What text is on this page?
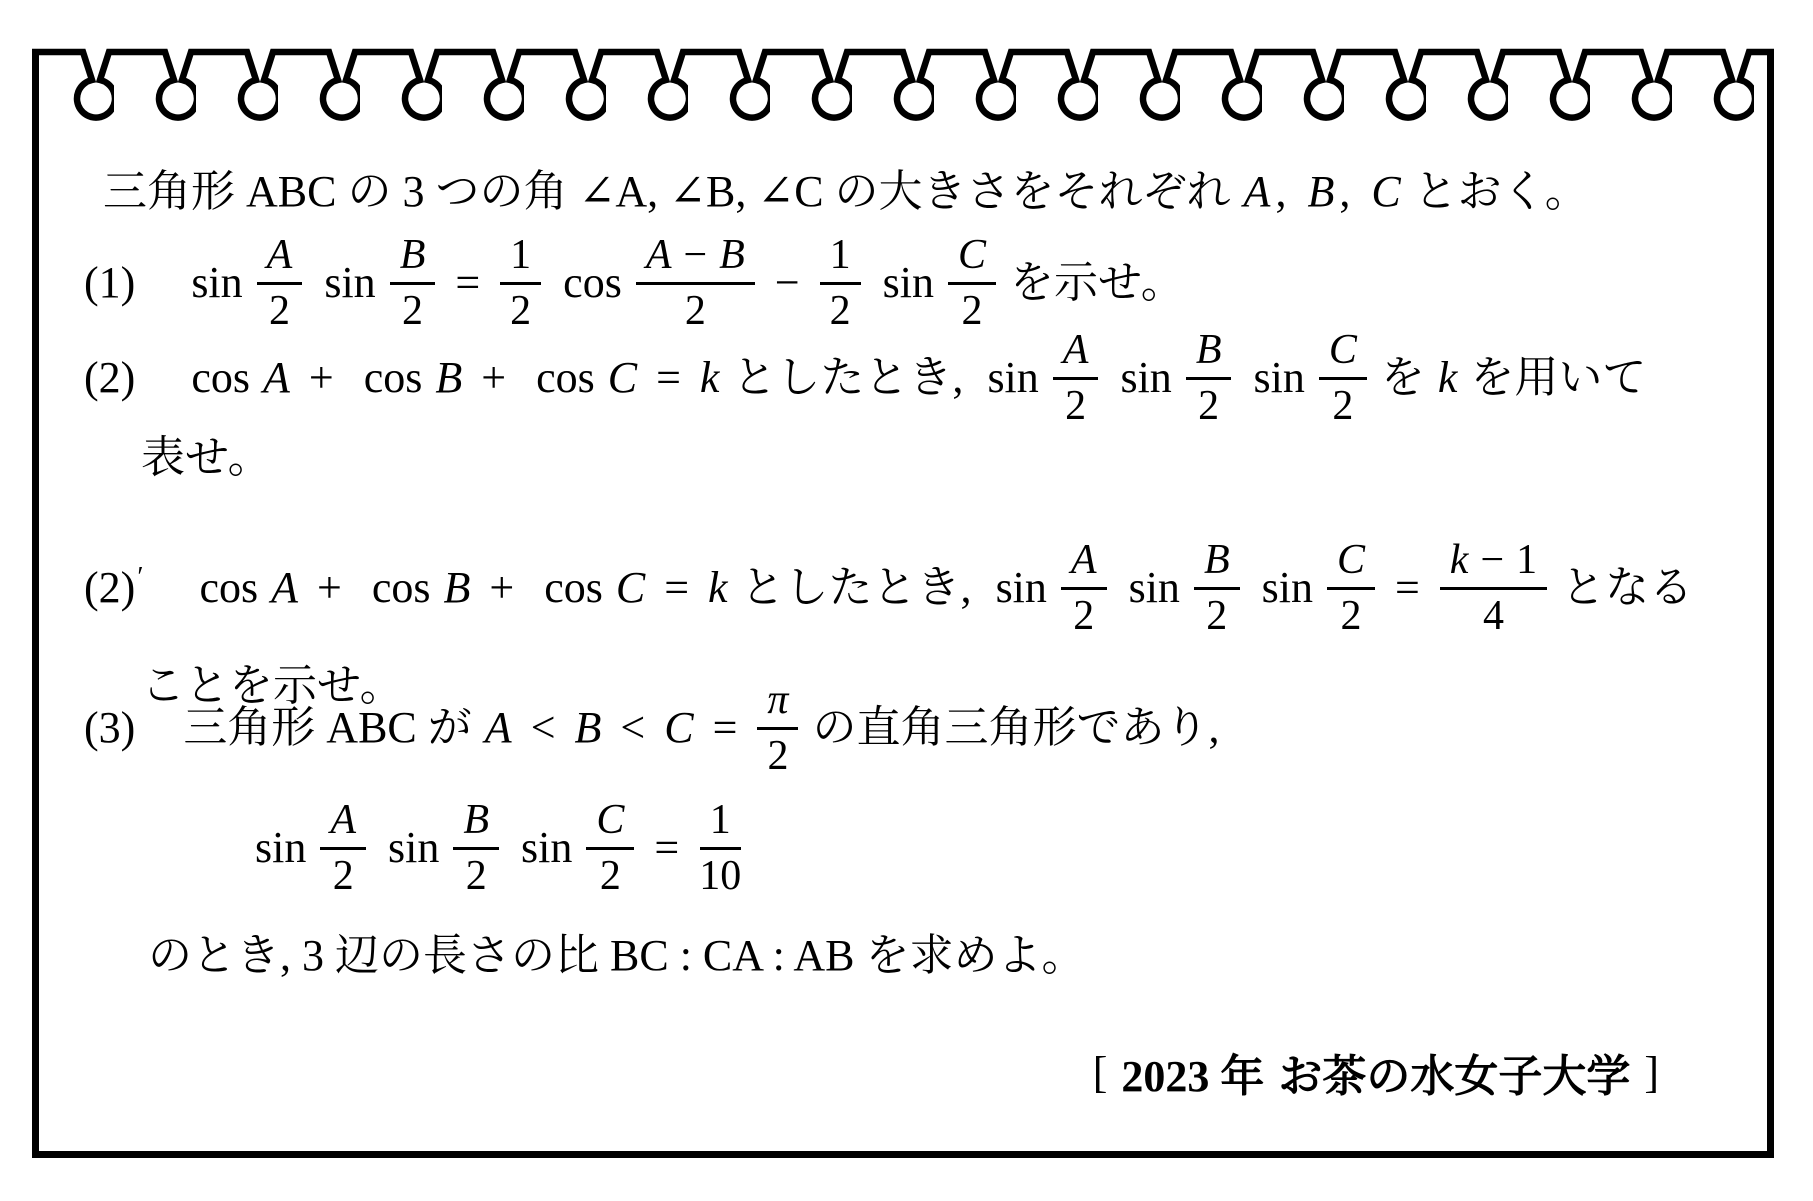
三角形 ABC の 3 つの角 ∠A, ∠B, ∠C の大きさをそれぞれ A , B , C とおく。
(1) $\sin \frac{A}{2}$ $\sin \frac{B}{2} = \frac{1}{2}$ $\cos \frac{A - B}{2} - \frac{1}{2}$ $\sin \frac{C}{2}$ を示せ。
(2) cos A + cos B + cos C = k としたとき, $\sin \frac{A}{2}$ $\sin \frac{B}{2}$ $\sin \frac{C}{2}$ を k を用いて
表せ。
(2)′ cos A + cos B + cos C = k としたとき, $\sin \frac{A}{2}$ $\sin \frac{B}{2}$ $\sin \frac{C}{2} = \frac{k - 1}{4}$ となる
ことを示せ。
(3) 三角形 ABC が $A < B < C = \frac{\pi}{2}$ の直角三角形であり,
$\sin \frac{A}{2}$ $\sin \frac{B}{2}$ $\sin \frac{C}{2} = \frac{1}{10}$
のとき, 3 辺の長さの比 BC : CA : AB を求めよ。
[ 2023 年 お茶の水女子大学 ]
